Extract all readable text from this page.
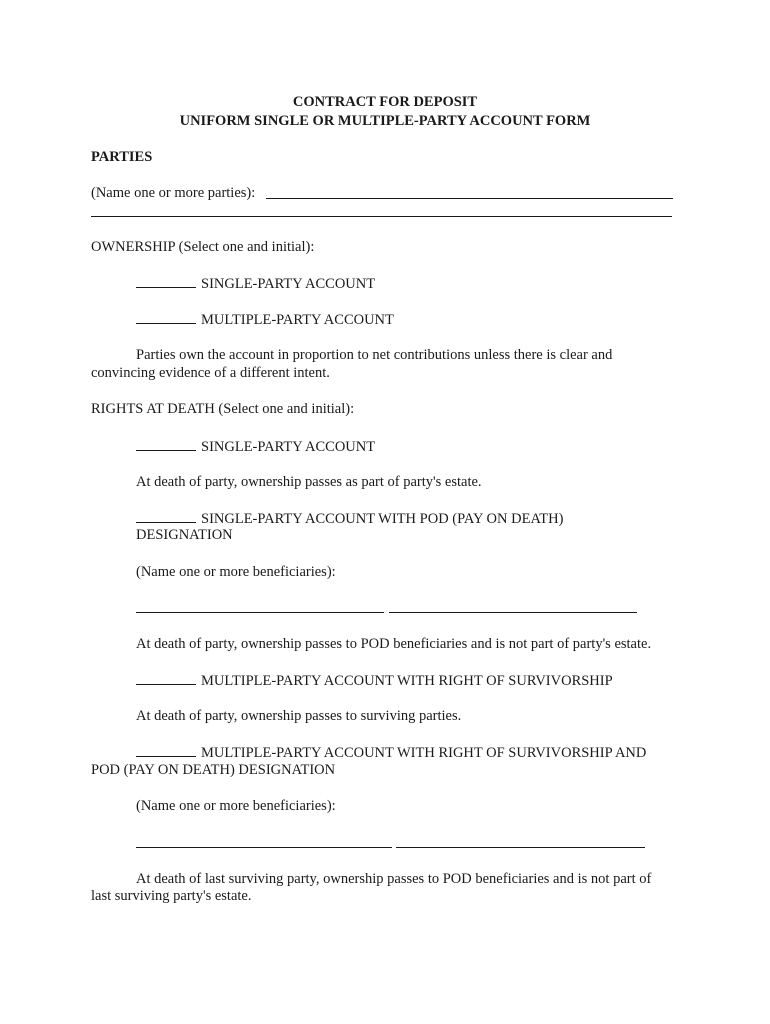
CONTRACT FOR DEPOSIT
UNIFORM SINGLE OR MULTIPLE-PARTY ACCOUNT FORM
PARTIES
(Name one or more parties):
OWNERSHIP (Select one and initial):
SINGLE-PARTY ACCOUNT
MULTIPLE-PARTY ACCOUNT
Parties own the account in proportion to net contributions unless there is clear and
convincing evidence of a different intent.
RIGHTS AT DEATH (Select one and initial):
SINGLE-PARTY ACCOUNT
At death of party, ownership passes as part of party's estate.
SINGLE-PARTY ACCOUNT WITH POD (PAY ON DEATH)
DESIGNATION
(Name one or more beneficiaries):
At death of party, ownership passes to POD beneficiaries and is not part of party's estate.
MULTIPLE-PARTY ACCOUNT WITH RIGHT OF SURVIVORSHIP
At death of party, ownership passes to surviving parties.
MULTIPLE-PARTY ACCOUNT WITH RIGHT OF SURVIVORSHIP AND
POD (PAY ON DEATH) DESIGNATION
(Name one or more beneficiaries):
At death of last surviving party, ownership passes to POD beneficiaries and is not part of
last surviving party's estate.
